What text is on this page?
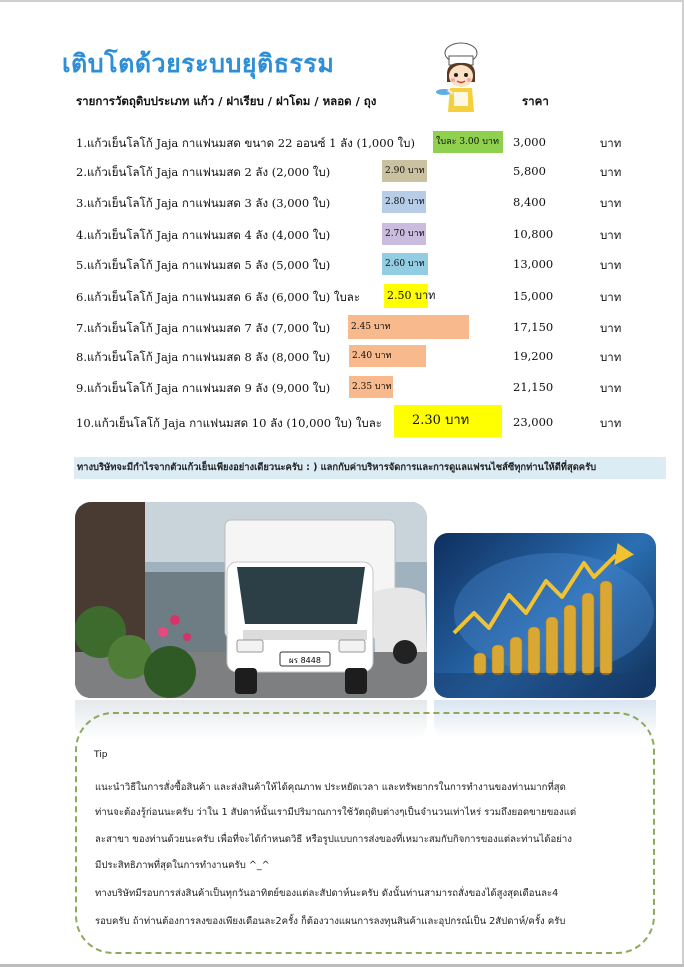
เติบโตด้วยระบบยุติธรรม
รายการวัตถุดิบประเภท แก้ว / ฝาเรียบ / ฝาโดม / หลอด / ถุง	ราคา
1.แก้วเย็นโลโก้ Jaja กาแฟนมสด ขนาด 22 ออนซ์ 1 ลัง (1,000 ใบ)	ใบละ 3.00 บาท	3,000	บาท
2.แก้วเย็นโลโก้ Jaja กาแฟนมสด 2 ลัง (2,000 ใบ)	2.90 บาท	5,800	บาท
3.แก้วเย็นโลโก้ Jaja กาแฟนมสด 3 ลัง (3,000 ใบ)	2.80 บาท	8,400	บาท
4.แก้วเย็นโลโก้ Jaja กาแฟนมสด 4 ลัง (4,000 ใบ)	2.70 บาท	10,800	บาท
5.แก้วเย็นโลโก้ Jaja กาแฟนมสด 5 ลัง (5,000 ใบ)	2.60 บาท	13,000	บาท
6.แก้วเย็นโลโก้ Jaja กาแฟนมสด 6 ลัง (6,000 ใบ) ใบละ 2.50 บาท	15,000	บาท
7.แก้วเย็นโลโก้ Jaja กาแฟนมสด 7 ลัง (7,000 ใบ)	2.45 บาท	17,150	บาท
8.แก้วเย็นโลโก้ Jaja กาแฟนมสด 8 ลัง (8,000 ใบ)	2.40 บาท	19,200	บาท
9.แก้วเย็นโลโก้ Jaja กาแฟนมสด 9 ลัง (9,000 ใบ)	2.35 บาท	21,150	บาท
10.แก้วเย็นโลโก้ Jaja กาแฟนมสด 10 ลัง (10,000 ใบ) ใบละ	2.30 บาท	23,000	บาท
ทางบริษัทจะมีกำไรจากตัวแก้วเย็นเพียงอย่างเดียวนะครับ : ) แลกกับค่าบริหารจัดการและการดูแลแฟรนไชส์ซีทุกท่านให้ดีที่สุดครับ
ผร 8448
Tip
แนะนำวิธีในการสั่งซื้อสินค้า และส่งสินค้าให้ได้คุณภาพ ประหยัดเวลา และทรัพยากรในการทำงานของท่านมากที่สุด
ท่านจะต้องรู้ก่อนนะครับ ว่าใน 1 สัปดาห์นั้นเรามีปริมาณการใช้วัตถุดิบต่างๆเป็นจำนวนเท่าไหร่ รวมถึงยอดขายของแต่
ละสาขา ของท่านด้วยนะครับ เพื่อที่จะได้กำหนดวิธี หรือรูปแบบการส่งของที่เหมาะสมกับกิจการของแต่ละท่านได้อย่าง
มีประสิทธิภาพที่สุดในการทำงานครับ ^_^
ทางบริษัทมีรอบการส่งสินค้าเป็นทุกวันอาทิตย์ของแต่ละสัปดาห์นะครับ ดังนั้นท่านสามารถสั่งของได้สูงสุดเดือนละ4
รอบครับ ถ้าท่านต้องการลงของเพียงเดือนละ2ครั้ง ก็ต้องวางแผนการลงทุนสินค้าและอุปกรณ์เป็น 2สัปดาห์/ครั้ง ครับ
